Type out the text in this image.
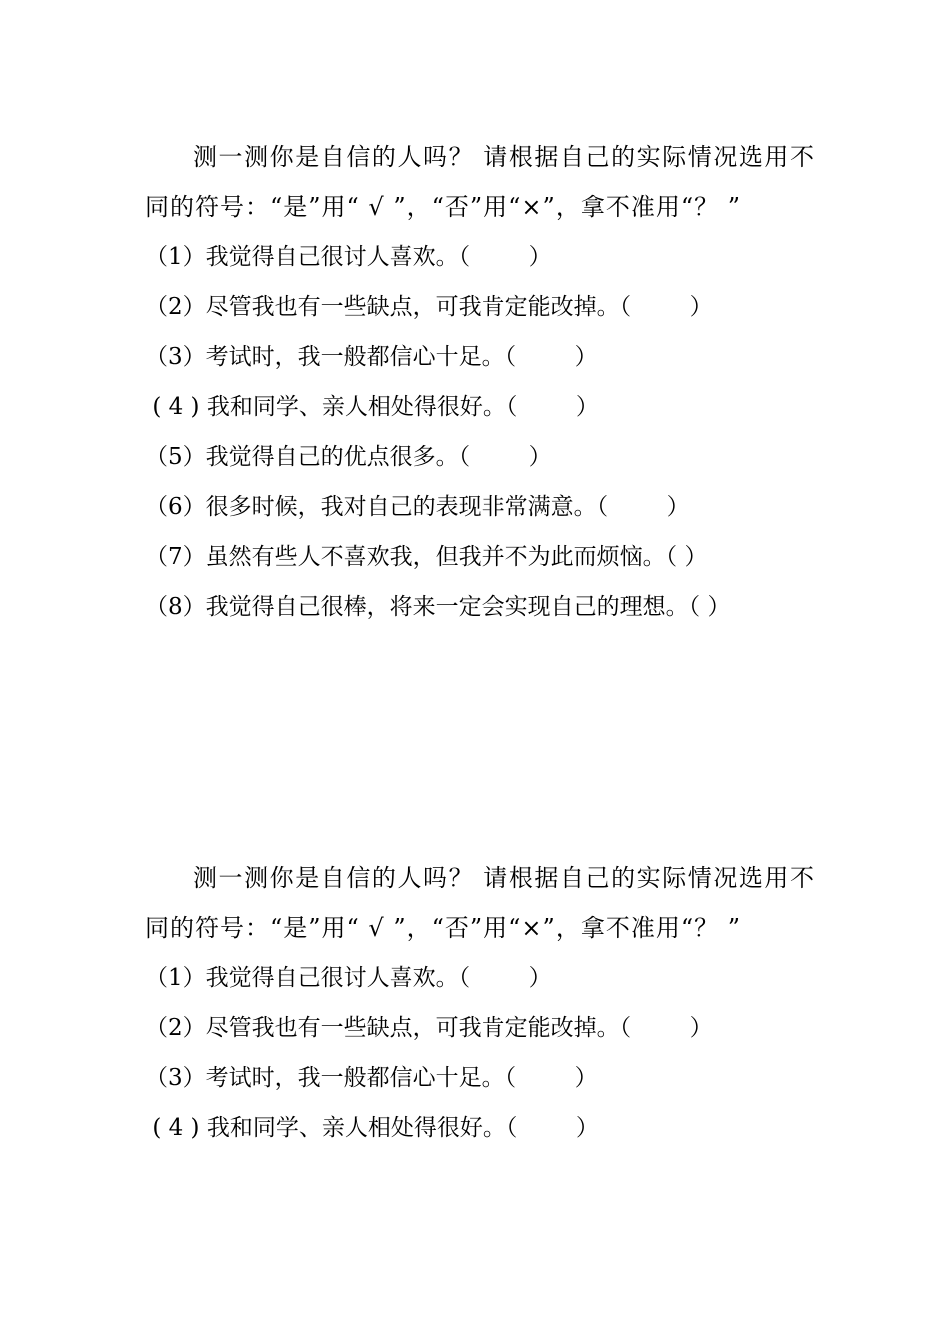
测一测你是自信的人吗？ 请根据自己的实际情况选用不同的符号：“是”用“ √ ”，“否”用“×”，拿不准用“？ ”

（1）我觉得自己很讨人喜欢。（        ）

（2）尽管我也有一些缺点，可我肯定能改掉。（        ）

（3）考试时，我一般都信心十足。（        ）

( 4 ) 我和同学、亲人相处得很好。（        ）

（5）我觉得自己的优点很多。（        ）

（6）很多时候，我对自己的表现非常满意。（        ）

（7）虽然有些人不喜欢我，但我并不为此而烦恼。（ ）

（8）我觉得自己很棒，将来一定会实现自己的理想。（ ）

测一测你是自信的人吗？ 请根据自己的实际情况选用不同的符号：“是”用“ √ ”，“否”用“×”，拿不准用“？ ”

（1）我觉得自己很讨人喜欢。（        ）

（2）尽管我也有一些缺点，可我肯定能改掉。（        ）

（3）考试时，我一般都信心十足。（        ）

( 4 ) 我和同学、亲人相处得很好。（        ）
